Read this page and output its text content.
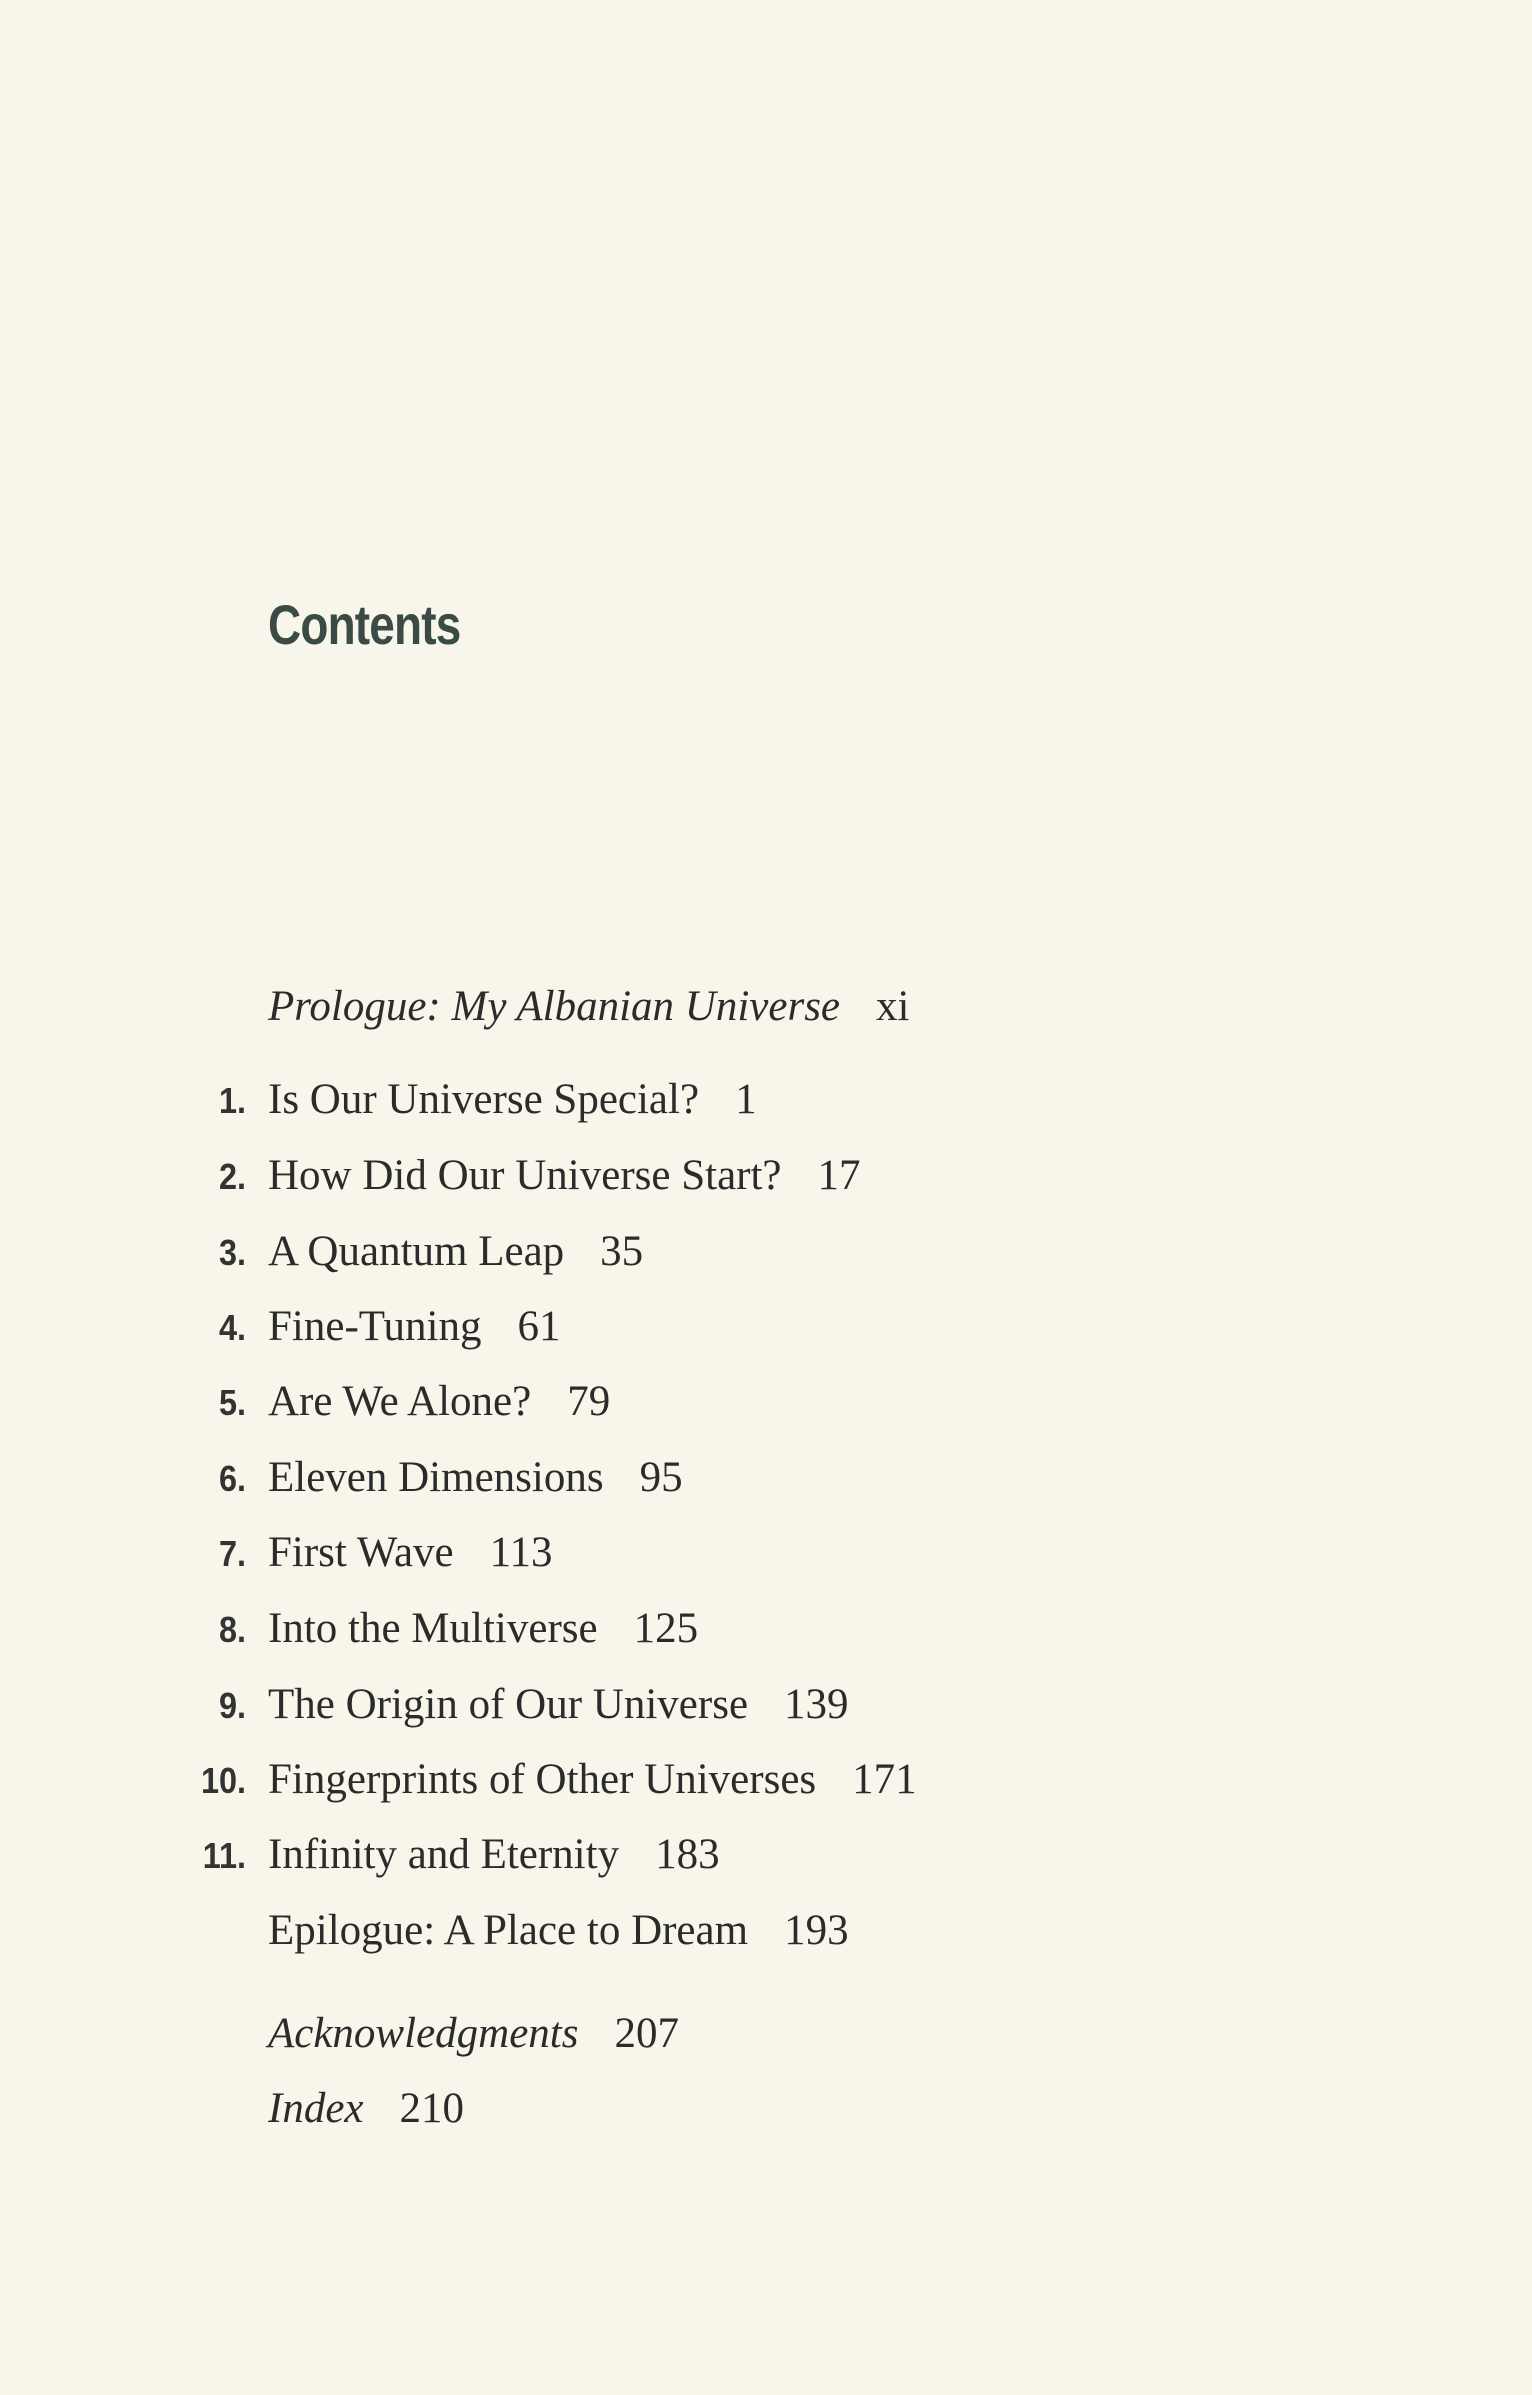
Contents
Prologue: My Albanian Universe xi
1. Is Our Universe Special? 1
2. How Did Our Universe Start? 17
3. A Quantum Leap 35
4. Fine-Tuning 61
5. Are We Alone? 79
6. Eleven Dimensions 95
7. First Wave 113
8. Into the Multiverse 125
9. The Origin of Our Universe 139
10. Fingerprints of Other Universes 171
11. Infinity and Eternity 183
Epilogue: A Place to Dream 193
Acknowledgments 207
Index 210
